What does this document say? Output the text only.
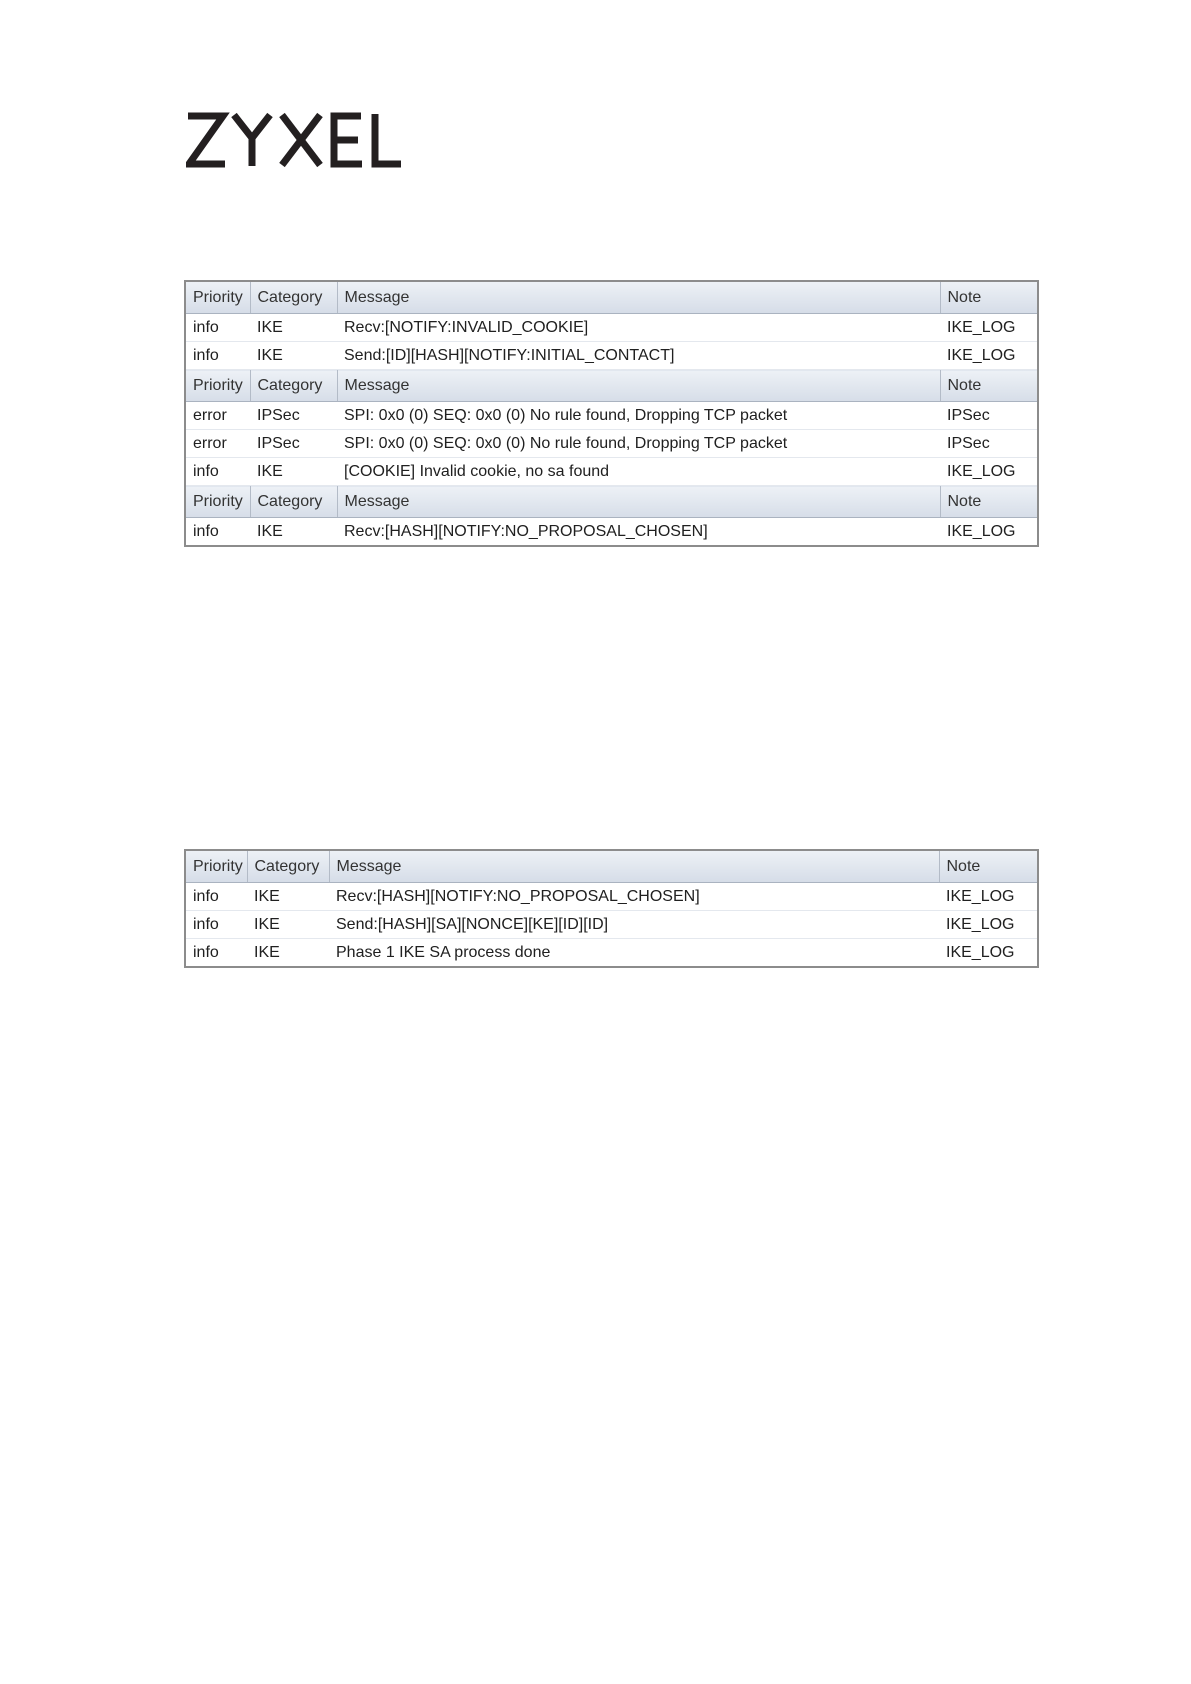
Priority	Category	Message	Note
info	IKE	Recv:[NOTIFY:INVALID_COOKIE]	IKE_LOG
info	IKE	Send:[ID][HASH][NOTIFY:INITIAL_CONTACT]	IKE_LOG
Priority	Category	Message	Note
error	IPSec	SPI: 0x0 (0) SEQ: 0x0 (0) No rule found, Dropping TCP packet	IPSec
error	IPSec	SPI: 0x0 (0) SEQ: 0x0 (0) No rule found, Dropping TCP packet	IPSec
info	IKE	[COOKIE] Invalid cookie, no sa found	IKE_LOG
Priority	Category	Message	Note
info	IKE	Recv:[HASH][NOTIFY:NO_PROPOSAL_CHOSEN]	IKE_LOG
Priority	Category	Message	Note
info	IKE	Recv:[HASH][NOTIFY:NO_PROPOSAL_CHOSEN]	IKE_LOG
info	IKE	Send:[HASH][SA][NONCE][KE][ID][ID]	IKE_LOG
info	IKE	Phase 1 IKE SA process done	IKE_LOG
